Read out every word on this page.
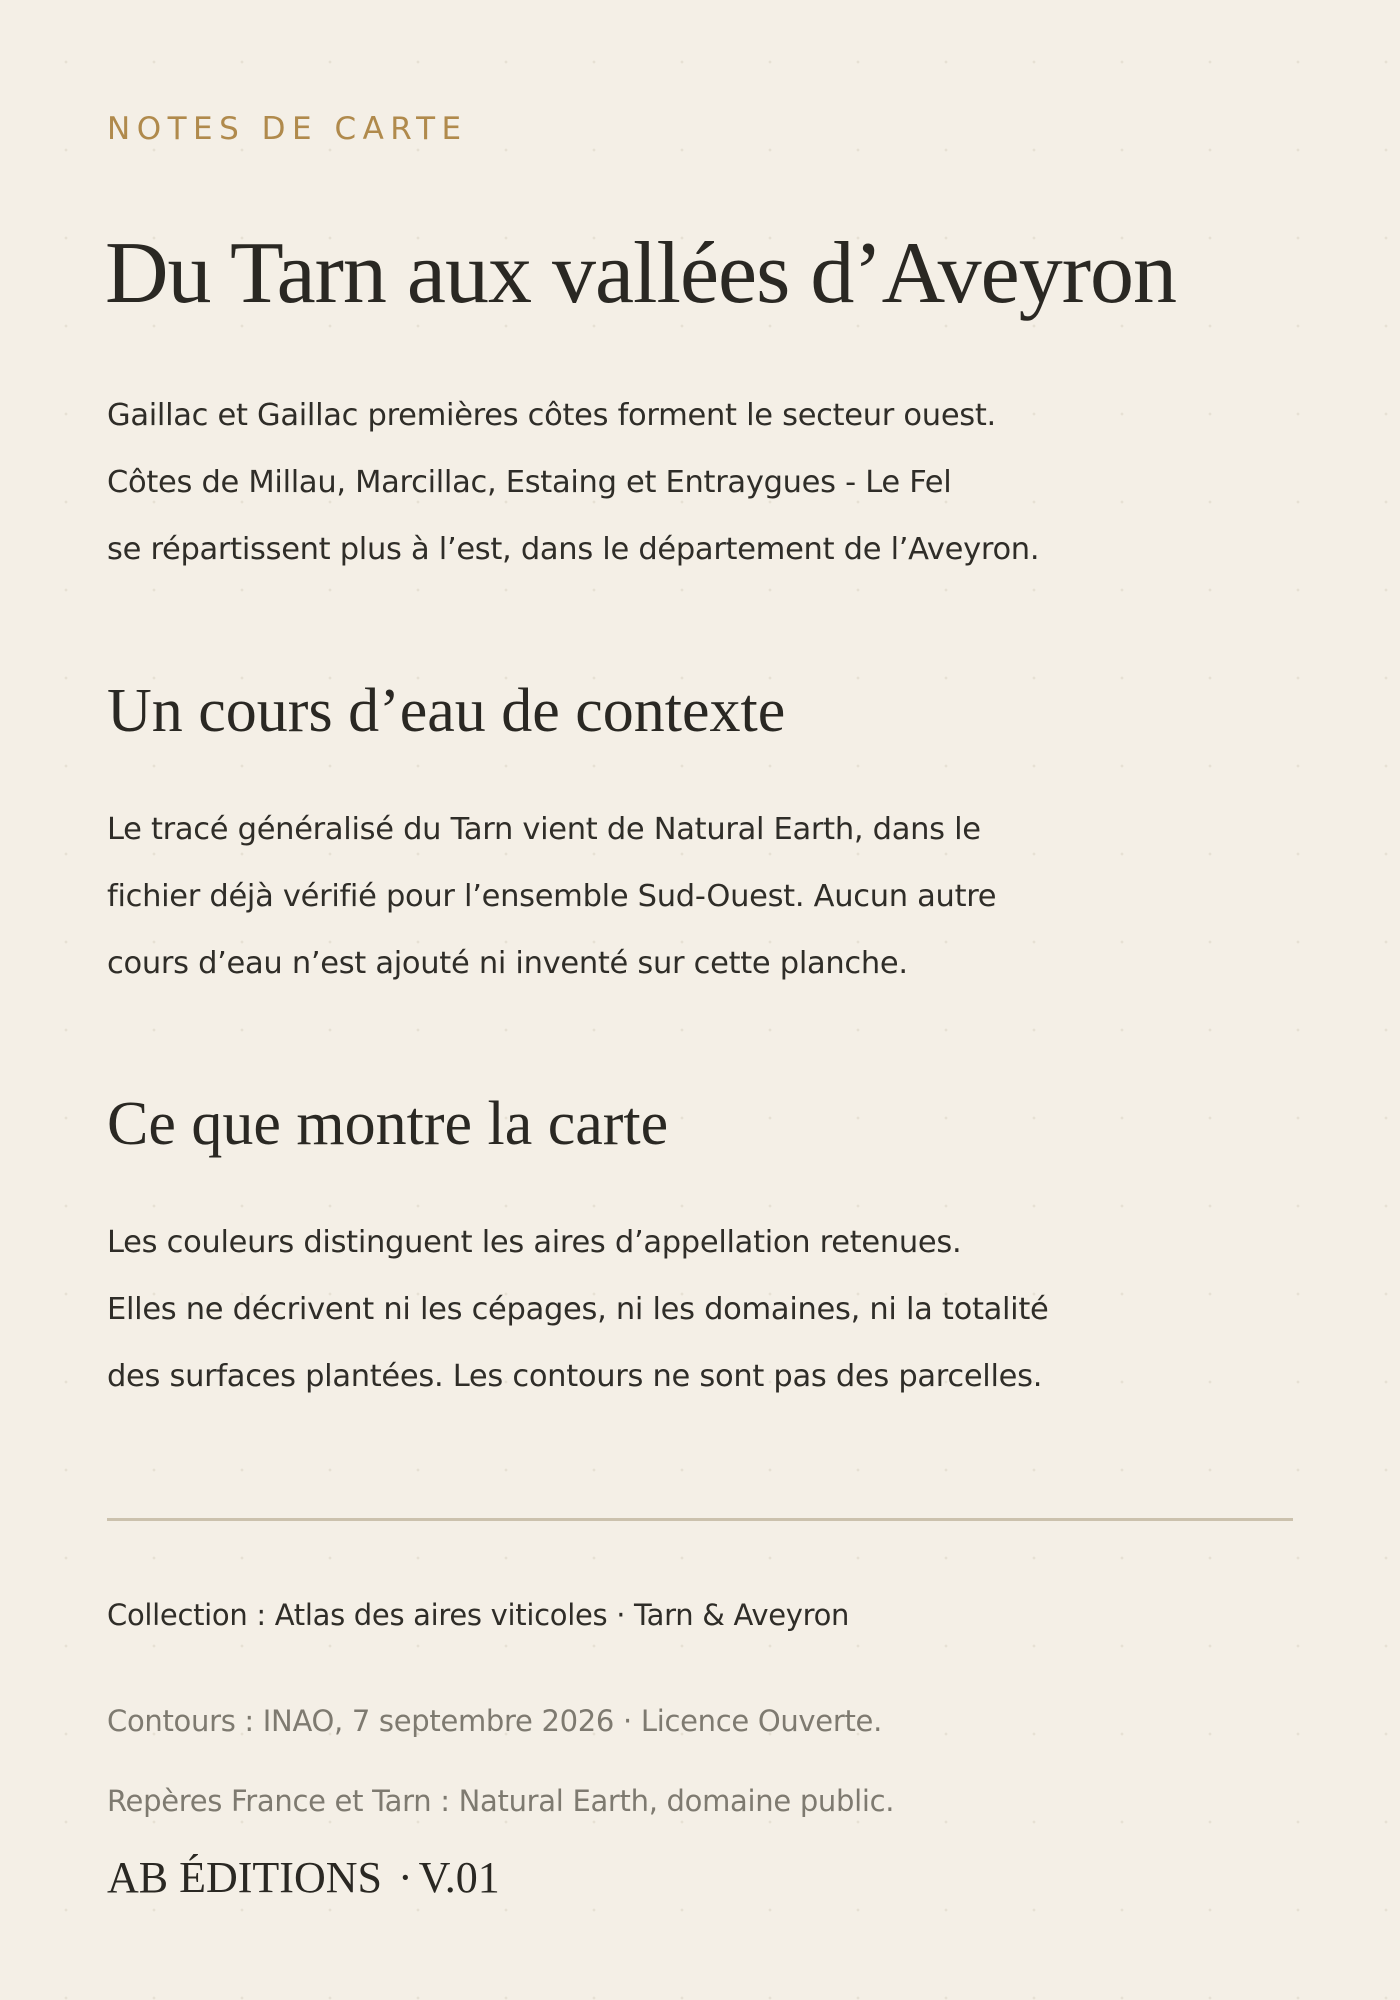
NOTES DE CARTE

Du Tarn aux vallées d’Aveyron

Gaillac et Gaillac premières côtes forment le secteur ouest.
Côtes de Millau, Marcillac, Estaing et Entraygues - Le Fel
se répartissent plus à l’est, dans le département de l’Aveyron.

Un cours d’eau de contexte

Le tracé généralisé du Tarn vient de Natural Earth, dans le
fichier déjà vérifié pour l’ensemble Sud-Ouest. Aucun autre
cours d’eau n’est ajouté ni inventé sur cette planche.

Ce que montre la carte

Les couleurs distinguent les aires d’appellation retenues.
Elles ne décrivent ni les cépages, ni les domaines, ni la totalité
des surfaces plantées. Les contours ne sont pas des parcelles.

Collection : Atlas des aires viticoles · Tarn & Aveyron

Contours : INAO, 7 septembre 2026 · Licence Ouverte.

Repères France et Tarn : Natural Earth, domaine public.

AB ÉDITIONS · V.01
